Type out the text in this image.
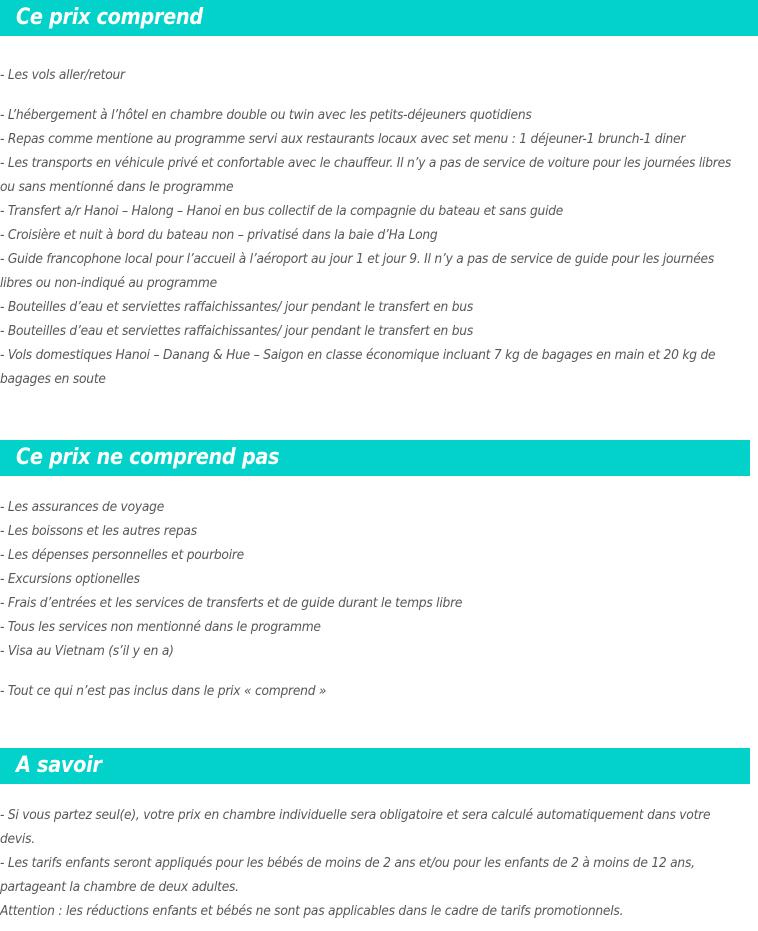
Ce prix comprend
- Les vols aller/retour
- L’hébergement à l’hôtel en chambre double ou twin avec les petits-déjeuners quotidiens
- Repas comme mentione au programme servi aux restaurants locaux avec set menu : 1 déjeuner-1 brunch-1 diner
- Les transports en véhicule privé et confortable avec le chauffeur. Il n’y a pas de service de voiture pour les journées libres ou sans mentionné dans le programme
- Transfert a/r Hanoi – Halong – Hanoi en bus collectif de la compagnie du bateau et sans guide
- Croisière et nuit à bord du bateau non – privatisé dans la baie d’Ha Long
- Guide francophone local pour l’accueil à l’aéroport au jour 1 et jour 9. Il n’y a pas de service de guide pour les journées libres ou non-indiqué au programme
- Bouteilles d’eau et serviettes raffaichissantes/ jour pendant le transfert en bus
- Bouteilles d’eau et serviettes raffaichissantes/ jour pendant le transfert en bus
- Vols domestiques Hanoi – Danang & Hue – Saigon en classe économique incluant 7 kg de bagages en main et 20 kg de bagages en soute
Ce prix ne comprend pas
- Les assurances de voyage
- Les boissons et les autres repas
- Les dépenses personnelles et pourboire
- Excursions optionelles
- Frais d’entrées et les services de transferts et de guide durant le temps libre
- Tous les services non mentionné dans le programme
- Visa au Vietnam (s’il y en a)
- Tout ce qui n’est pas inclus dans le prix « comprend »
A savoir
- Si vous partez seul(e), votre prix en chambre individuelle sera obligatoire et sera calculé automatiquement dans votre devis.
- Les tarifs enfants seront appliqués pour les bébés de moins de 2 ans et/ou pour les enfants de 2 à moins de 12 ans, partageant la chambre de deux adultes.
Attention : les réductions enfants et bébés ne sont pas applicables dans le cadre de tarifs promotionnels.
